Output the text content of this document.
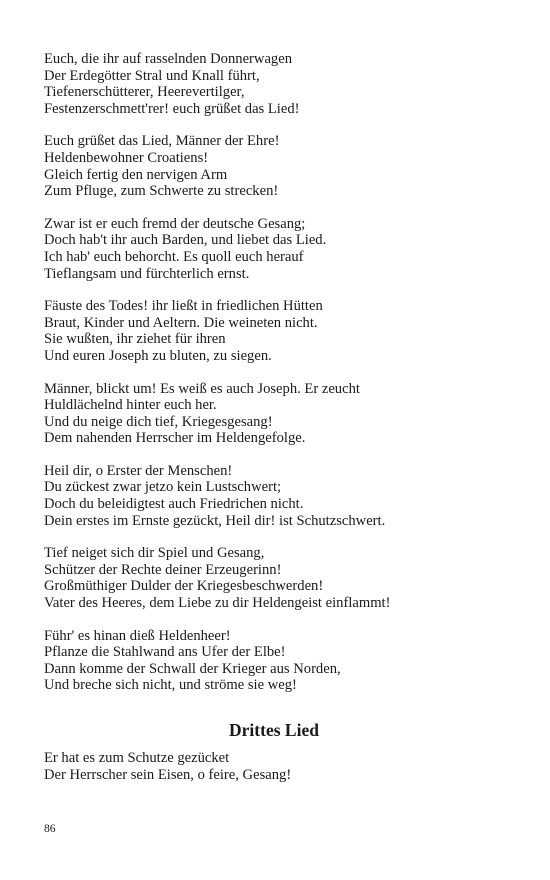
Euch, die ihr auf rasselnden Donnerwagen

Der Erdegötter Stral und Knall führt,

Tiefenerschütterer, Heerevertilger,

Festenzerschmett'rer! euch grüßet das Lied!

Euch grüßet das Lied, Männer der Ehre!

Heldenbewohner Croatiens!

Gleich fertig den nervigen Arm

Zum Pfluge, zum Schwerte zu strecken!

Zwar ist er euch fremd der deutsche Gesang;

Doch hab't ihr auch Barden, und liebet das Lied.

Ich hab' euch behorcht. Es quoll euch herauf

Tieflangsam und fürchterlich ernst.

Fäuste des Todes! ihr ließt in friedlichen Hütten

Braut, Kinder und Aeltern. Die weineten nicht.

Sie wußten, ihr ziehet für ihren

Und euren Joseph zu bluten, zu siegen.

Männer, blickt um! Es weiß es auch Joseph. Er zeucht

Huldlächelnd hinter euch her.

Und du neige dich tief, Kriegesgesang!

Dem nahenden Herrscher im Heldengefolge.

Heil dir, o Erster der Menschen!

Du zückest zwar jetzo kein Lustschwert;

Doch du beleidigtest auch Friedrichen nicht.

Dein erstes im Ernste gezückt, Heil dir! ist Schutzschwert.

Tief neiget sich dir Spiel und Gesang,

Schützer der Rechte deiner Erzeugerinn!

Großmüthiger Dulder der Kriegesbeschwerden!

Vater des Heeres, dem Liebe zu dir Heldengeist einflammt!

Führ' es hinan dieß Heldenheer!

Pflanze die Stahlwand ans Ufer der Elbe!

Dann komme der Schwall der Krieger aus Norden,

Und breche sich nicht, und ströme sie weg!

Drittes Lied

Er hat es zum Schutze gezücket

Der Herrscher sein Eisen, o feire, Gesang!

86
